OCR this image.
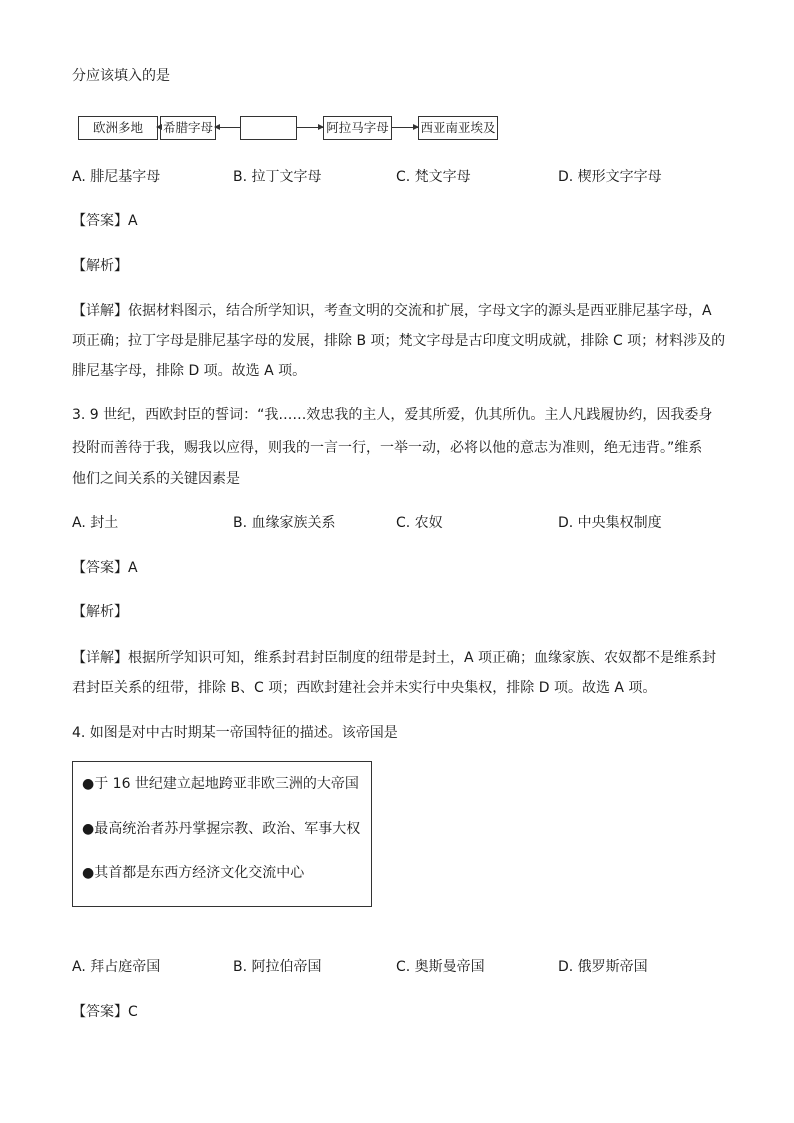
分应该填入的是
欧洲多地	希腊字母	阿拉马字母	西亚南亚埃及
A. 腓尼基字母	B. 拉丁文字母	C. 梵文字母	D. 楔形文字字母
【答案】A
【解析】
【详解】依据材料图示，结合所学知识，考查文明的交流和扩展，字母文字的源头是西亚腓尼基字母，A
项正确；拉丁字母是腓尼基字母的发展，排除 B 项；梵文字母是古印度文明成就，排除 C 项；材料涉及的
腓尼基字母，排除 D 项。故选 A 项。
3. 9 世纪，西欧封臣的誓词：“我……效忠我的主人，爱其所爱，仇其所仇。主人凡践履协约，因我委身
投附而善待于我，赐我以应得，则我的一言一行，一举一动，必将以他的意志为准则，绝无违背。”维系
他们之间关系的关键因素是
A. 封土	B. 血缘家族关系	C. 农奴	D. 中央集权制度
【答案】A
【解析】
【详解】根据所学知识可知，维系封君封臣制度的纽带是封土，A 项正确；血缘家族、农奴都不是维系封
君封臣关系的纽带，排除 B、C 项；西欧封建社会并未实行中央集权，排除 D 项。故选 A 项。
4. 如图是对中古时期某一帝国特征的描述。该帝国是
●于 16 世纪建立起地跨亚非欧三洲的大帝国
●最高统治者苏丹掌握宗教、政治、军事大权
●其首都是东西方经济文化交流中心
A. 拜占庭帝国	B. 阿拉伯帝国	C. 奥斯曼帝国	D. 俄罗斯帝国
【答案】C
